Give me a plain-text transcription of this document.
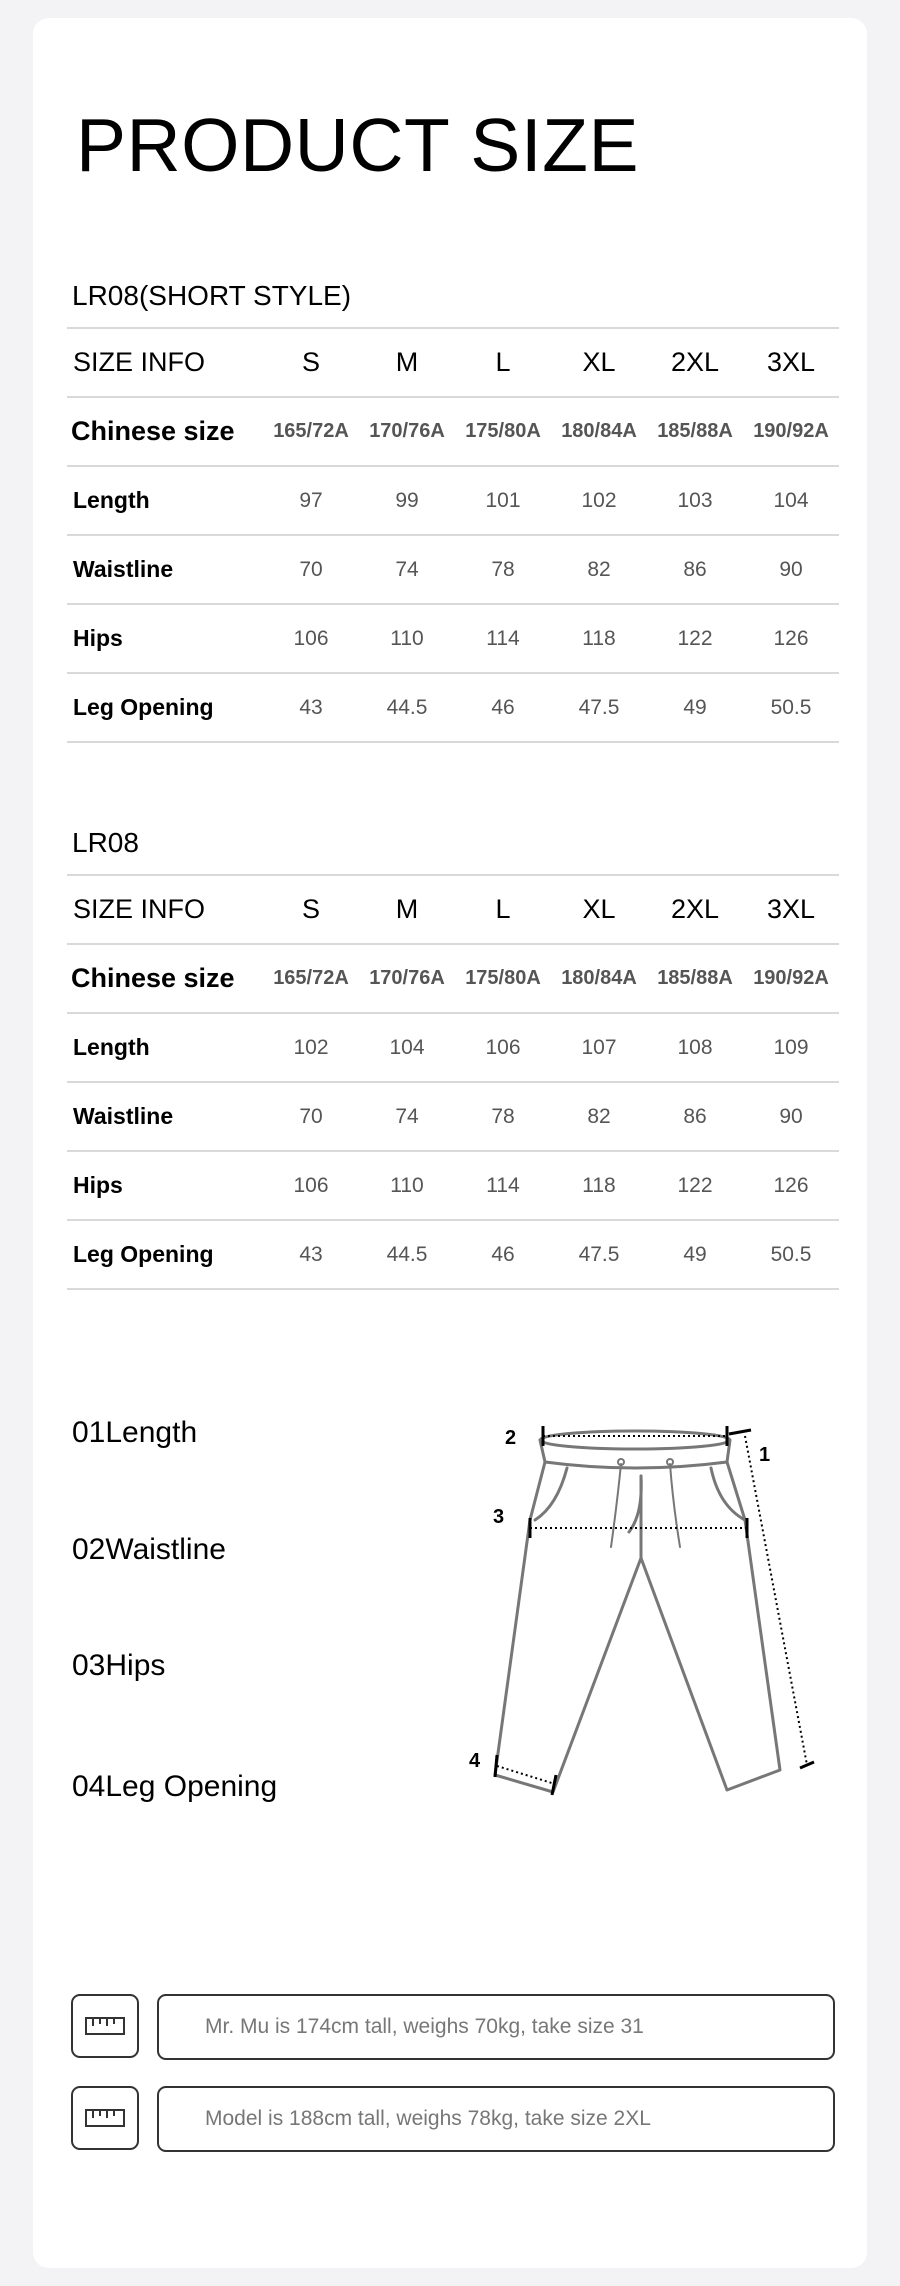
PRODUCT SIZE
LR08(SHORT STYLE)
SIZE INFO	S	M	L	XL	2XL	3XL
Chinese size	165/72A	170/76A	175/80A	180/84A	185/88A	190/92A
Length	97	99	101	102	103	104
Waistline	70	74	78	82	86	90
Hips	106	110	114	118	122	126
Leg Opening	43	44.5	46	47.5	49	50.5
LR08
SIZE INFO	S	M	L	XL	2XL	3XL
Chinese size	165/72A	170/76A	175/80A	180/84A	185/88A	190/92A
Length	102	104	106	107	108	109
Waistline	70	74	78	82	86	90
Hips	106	110	114	118	122	126
Leg Opening	43	44.5	46	47.5	49	50.5
01Length
02Waistline
03Hips
04Leg Opening
2
1
3
4
Mr. Mu is 174cm tall, weighs 70kg, take size 31
Model is 188cm tall, weighs 78kg, take size 2XL
